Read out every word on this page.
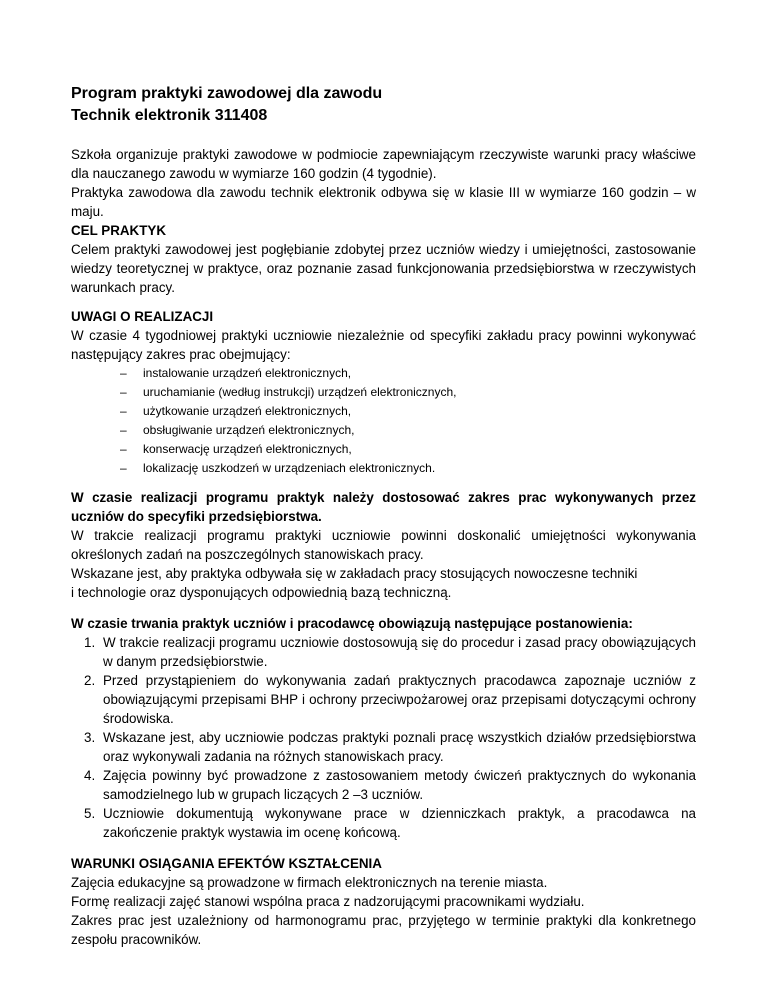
Program praktyki zawodowej dla zawodu

Technik elektronik 311408

Szkoła organizuje praktyki zawodowe w podmiocie zapewniającym rzeczywiste warunki pracy właściwe dla nauczanego zawodu w wymiarze 160 godzin (4 tygodnie).

Praktyka zawodowa dla zawodu technik elektronik odbywa się w klasie III w wymiarze 160 godzin – w maju.

CEL PRAKTYK

Celem praktyki zawodowej jest pogłębianie zdobytej przez uczniów wiedzy i umiejętności, zastosowanie wiedzy teoretycznej w praktyce, oraz poznanie zasad funkcjonowania przedsiębiorstwa w rzeczywistych warunkach pracy.

UWAGI O REALIZACJI

W czasie 4 tygodniowej praktyki uczniowie niezależnie od specyfiki zakładu pracy powinni wykonywać następujący zakres prac obejmujący:

– instalowanie urządzeń elektronicznych,
– uruchamianie (według instrukcji) urządzeń elektronicznych,
– użytkowanie urządzeń elektronicznych,
– obsługiwanie urządzeń elektronicznych,
– konserwację urządzeń elektronicznych,
– lokalizację uszkodzeń w urządzeniach elektronicznych.

W czasie realizacji programu praktyk należy dostosować zakres prac wykonywanych przez uczniów do specyfiki przedsiębiorstwa.

W trakcie realizacji programu praktyki uczniowie powinni doskonalić umiejętności wykonywania określonych zadań na poszczególnych stanowiskach pracy.

Wskazane jest, aby praktyka odbywała się w zakładach pracy stosujących nowoczesne techniki

i technologie oraz dysponujących odpowiednią bazą techniczną.

W czasie trwania praktyk uczniów i pracodawcę obowiązują następujące postanowienia:

1. W trakcie realizacji programu uczniowie dostosowują się do procedur i zasad pracy obowiązujących w danym przedsiębiorstwie.
2. Przed przystąpieniem do wykonywania zadań praktycznych pracodawca zapoznaje uczniów z obowiązującymi przepisami BHP i ochrony przeciwpożarowej oraz przepisami dotyczącymi ochrony środowiska.
3. Wskazane jest, aby uczniowie podczas praktyki poznali pracę wszystkich działów przedsiębiorstwa oraz wykonywali zadania na różnych stanowiskach pracy.
4. Zajęcia powinny być prowadzone z zastosowaniem metody ćwiczeń praktycznych do wykonania samodzielnego lub w grupach liczących 2 –3 uczniów.
5. Uczniowie dokumentują wykonywane prace w dzienniczkach praktyk, a pracodawca na zakończenie praktyk wystawia im ocenę końcową.

WARUNKI OSIĄGANIA EFEKTÓW KSZTAŁCENIA

Zajęcia edukacyjne są prowadzone w firmach elektronicznych na terenie miasta.

Formę realizacji zajęć stanowi wspólna praca z nadzorującymi pracownikami wydziału.

Zakres prac jest uzależniony od harmonogramu prac, przyjętego w terminie praktyki dla konkretnego zespołu pracowników.
